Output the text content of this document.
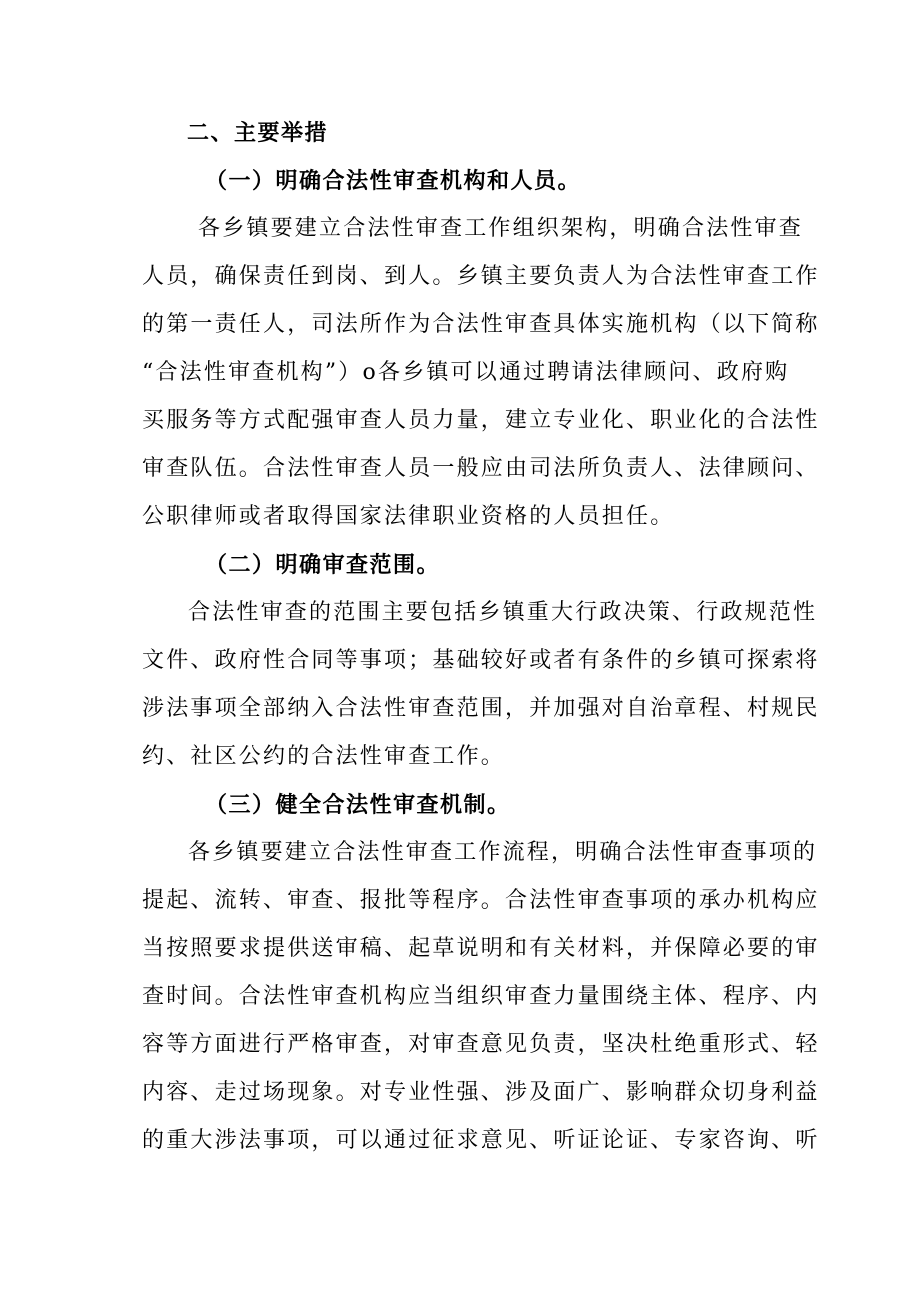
二、主要举措
（一）明确合法性审查机构和人员。
各乡镇要建立合法性审查工作组织架构，明确合法性审查
人员，确保责任到岗、到人。乡镇主要负责人为合法性审查工作
的第一责任人，司法所作为合法性审查具体实施机构（以下简称
“合法性审查机构”）o各乡镇可以通过聘请法律顾问、政府购
买服务等方式配强审查人员力量，建立专业化、职业化的合法性
审查队伍。合法性审查人员一般应由司法所负责人、法律顾问、
公职律师或者取得国家法律职业资格的人员担任。
（二）明确审查范围。
合法性审查的范围主要包括乡镇重大行政决策、行政规范性
文件、政府性合同等事项；基础较好或者有条件的乡镇可探索将
涉法事项全部纳入合法性审查范围，并加强对自治章程、村规民
约、社区公约的合法性审查工作。
（三）健全合法性审查机制。
各乡镇要建立合法性审查工作流程，明确合法性审查事项的
提起、流转、审查、报批等程序。合法性审查事项的承办机构应
当按照要求提供送审稿、起草说明和有关材料，并保障必要的审
查时间。合法性审查机构应当组织审查力量围绕主体、程序、内
容等方面进行严格审查，对审查意见负责，坚决杜绝重形式、轻
内容、走过场现象。对专业性强、涉及面广、影响群众切身利益
的重大涉法事项，可以通过征求意见、听证论证、专家咨询、听
